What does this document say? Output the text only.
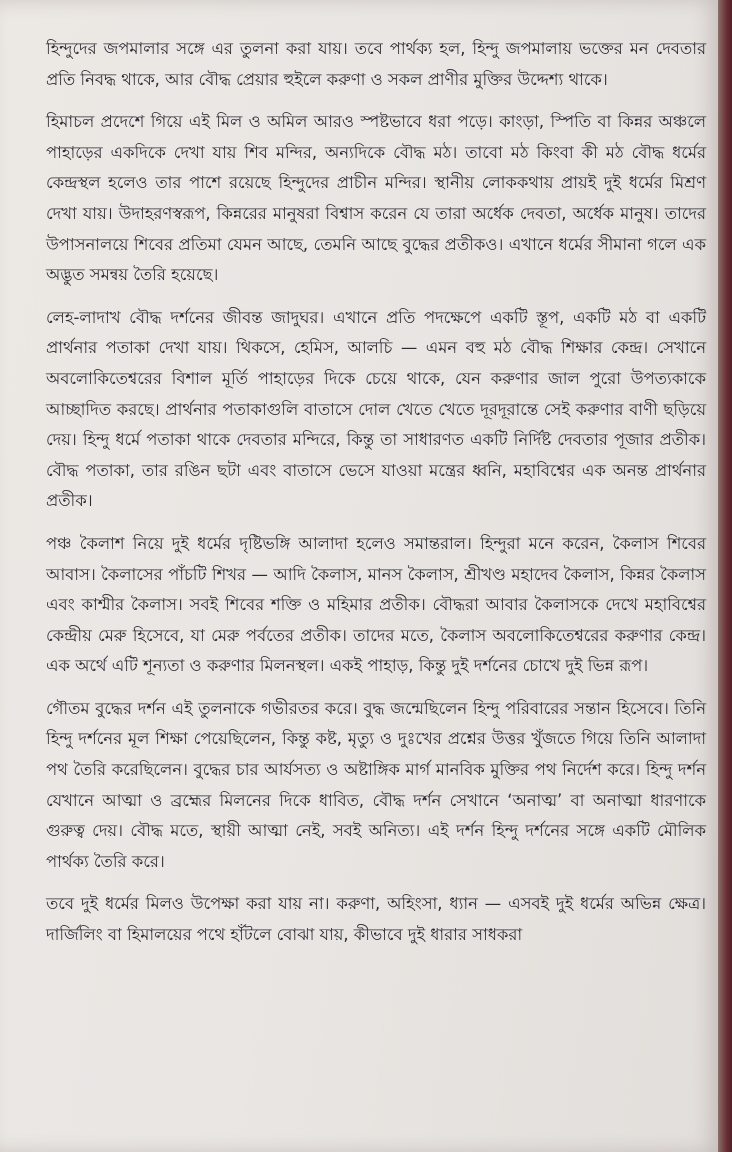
হিন্দুদের জপমালার সঙ্গে এর তুলনা করা যায়। তবে পার্থক্য হল, হিন্দু জপমালায় ভক্তের মন দেবতার প্রতি নিবদ্ধ থাকে, আর বৌদ্ধ প্রেয়ার হুইলে করুণা ও সকল প্রাণীর মুক্তির উদ্দেশ্য থাকে।

হিমাচল প্রদেশে গিয়ে এই মিল ও অমিল আরও স্পষ্টভাবে ধরা পড়ে। কাংড়া, স্পিতি বা কিন্নর অঞ্চলে পাহাড়ের একদিকে দেখা যায় শিব মন্দির, অন্যদিকে বৌদ্ধ মঠ। তাবো মঠ কিংবা কী মঠ বৌদ্ধ ধর্মের কেন্দ্রস্থল হলেও তার পাশে রয়েছে হিন্দুদের প্রাচীন মন্দির। স্থানীয় লোককথায় প্রায়ই দুই ধর্মের মিশ্রণ দেখা যায়। উদাহরণস্বরূপ, কিন্নরের মানুষরা বিশ্বাস করেন যে তারা অর্ধেক দেবতা, অর্ধেক মানুষ। তাদের উপাসনালয়ে শিবের প্রতিমা যেমন আছে, তেমনি আছে বুদ্ধের প্রতীকও। এখানে ধর্মের সীমানা গলে এক অদ্ভুত সমন্বয় তৈরি হয়েছে।

লেহ-লাদাখ বৌদ্ধ দর্শনের জীবন্ত জাদুঘর। এখানে প্রতি পদক্ষেপে একটি স্তূপ, একটি মঠ বা একটি প্রার্থনার পতাকা দেখা যায়। থিকসে, হেমিস, আলচি — এমন বহু মঠ বৌদ্ধ শিক্ষার কেন্দ্র। সেখানে অবলোকিতেশ্বরের বিশাল মূর্তি পাহাড়ের দিকে চেয়ে থাকে, যেন করুণার জাল পুরো উপত্যকাকে আচ্ছাদিত করছে। প্রার্থনার পতাকাগুলি বাতাসে দোল খেতে খেতে দূরদূরান্তে সেই করুণার বাণী ছড়িয়ে দেয়। হিন্দু ধর্মে পতাকা থাকে দেবতার মন্দিরে, কিন্তু তা সাধারণত একটি নির্দিষ্ট দেবতার পূজার প্রতীক। বৌদ্ধ পতাকা, তার রঙিন ছটা এবং বাতাসে ভেসে যাওয়া মন্ত্রের ধ্বনি, মহাবিশ্বের এক অনন্ত প্রার্থনার প্রতীক।

পঞ্চ কৈলাশ নিয়ে দুই ধর্মের দৃষ্টিভঙ্গি আলাদা হলেও সমান্তরাল। হিন্দুরা মনে করেন, কৈলাস শিবের আবাস। কৈলাসের পাঁচটি শিখর — আদি কৈলাস, মানস কৈলাস, শ্রীখণ্ড মহাদেব কৈলাস, কিন্নর কৈলাস এবং কাশ্মীর কৈলাস। সবই শিবের শক্তি ও মহিমার প্রতীক। বৌদ্ধরা আবার কৈলাসকে দেখে মহাবিশ্বের কেন্দ্রীয় মেরু হিসেবে, যা মেরু পর্বতের প্রতীক। তাদের মতে, কৈলাস অবলোকিতেশ্বরের করুণার কেন্দ্র। এক অর্থে এটি শূন্যতা ও করুণার মিলনস্থল। একই পাহাড়, কিন্তু দুই দর্শনের চোখে দুই ভিন্ন রূপ।

গৌতম বুদ্ধের দর্শন এই তুলনাকে গভীরতর করে। বুদ্ধ জন্মেছিলেন হিন্দু পরিবারের সন্তান হিসেবে। তিনি হিন্দু দর্শনের মূল শিক্ষা পেয়েছিলেন, কিন্তু কষ্ট, মৃত্যু ও দুঃখের প্রশ্নের উত্তর খুঁজতে গিয়ে তিনি আলাদা পথ তৈরি করেছিলেন। বুদ্ধের চার আর্যসত্য ও অষ্টাঙ্গিক মার্গ মানবিক মুক্তির পথ নির্দেশ করে। হিন্দু দর্শন যেখানে আত্মা ও ব্রহ্মের মিলনের দিকে ধাবিত, বৌদ্ধ দর্শন সেখানে ‘অনাত্ম’ বা অনাত্মা ধারণাকে গুরুত্ব দেয়। বৌদ্ধ মতে, স্থায়ী আত্মা নেই, সবই অনিত্য। এই দর্শন হিন্দু দর্শনের সঙ্গে একটি মৌলিক পার্থক্য তৈরি করে।

তবে দুই ধর্মের মিলও উপেক্ষা করা যায় না। করুণা, অহিংসা, ধ্যান — এসবই দুই ধর্মের অভিন্ন ক্ষেত্র। দার্জিলিং বা হিমালয়ের পথে হাঁটলে বোঝা যায়, কীভাবে দুই ধারার সাধকরা
